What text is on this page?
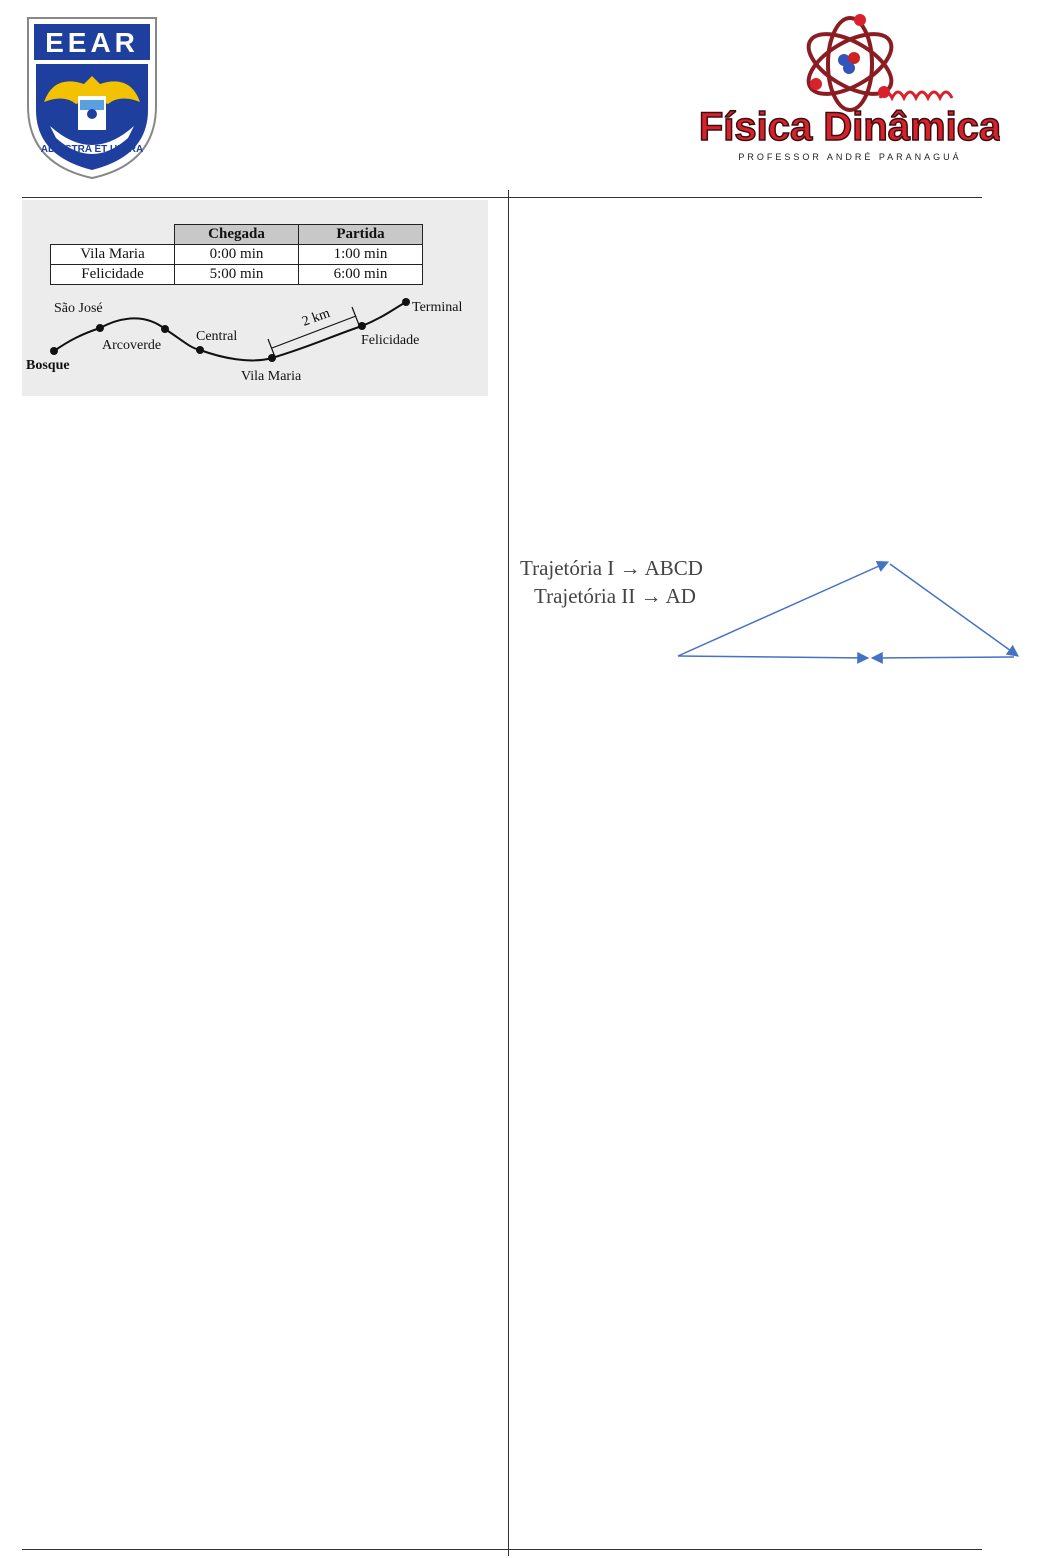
EEAR
AD ASTRA ET ULTRA
Física Dinâmica
PROFESSOR ANDRÉ PARANAGUÁ
	Chegada	Partida
Vila Maria	0:00 min	1:00 min
Felicidade	5:00 min	6:00 min
2 km
Bosque
São José
Arcoverde
Central
Vila Maria
Felicidade
Terminal
Trajetória I → ABCD
Trajetória II → AD
